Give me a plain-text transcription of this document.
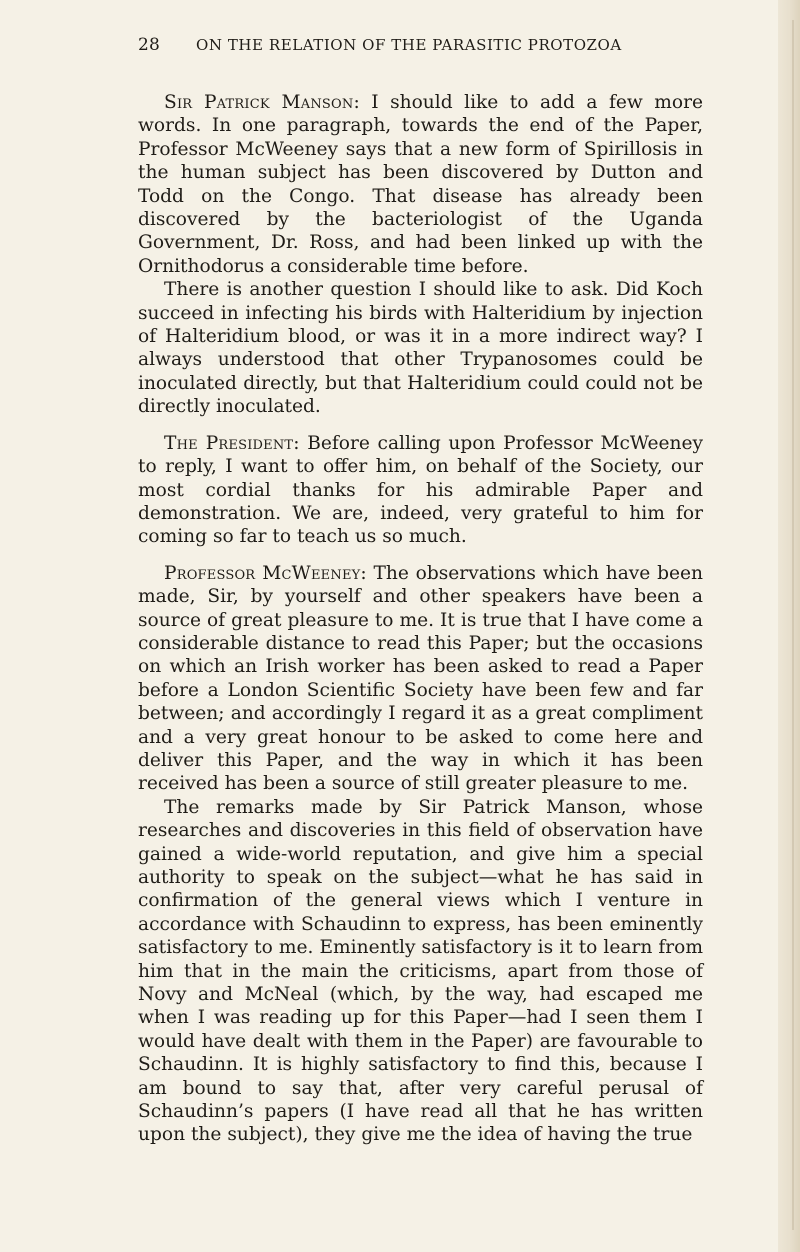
28 ON THE RELATION OF THE PARASITIC PROTOZOA

Sir Patrick Manson: I should like to add a few more words. In one paragraph, towards the end of the Paper, Professor McWeeney says that a new form of Spirillosis in the human subject has been discovered by Dutton and Todd on the Congo. That disease has already been discovered by the bacteriologist of the Uganda Government, Dr. Ross, and had been linked up with the Ornithodorus a considerable time before.

There is another question I should like to ask. Did Koch succeed in infecting his birds with Halteridium by injection of Halteridium blood, or was it in a more indirect way? I always understood that other Trypanosomes could be inoculated directly, but that Halteridium could could not be directly inoculated.

The President: Before calling upon Professor McWeeney to reply, I want to offer him, on behalf of the Society, our most cordial thanks for his admirable Paper and demonstration. We are, indeed, very grateful to him for coming so far to teach us so much.

Professor McWeeney: The observations which have been made, Sir, by yourself and other speakers have been a source of great pleasure to me. It is true that I have come a considerable distance to read this Paper; but the occasions on which an Irish worker has been asked to read a Paper before a London Scientific Society have been few and far between; and accordingly I regard it as a great compliment and a very great honour to be asked to come here and deliver this Paper, and the way in which it has been received has been a source of still greater pleasure to me.

The remarks made by Sir Patrick Manson, whose researches and discoveries in this field of observation have gained a wide-world reputation, and give him a special authority to speak on the subject—what he has said in confirmation of the general views which I venture in accordance with Schaudinn to express, has been eminently satisfactory to me. Eminently satisfactory is it to learn from him that in the main the criticisms, apart from those of Novy and McNeal (which, by the way, had escaped me when I was reading up for this Paper—had I seen them I would have dealt with them in the Paper) are favourable to Schaudinn. It is highly satisfactory to find this, because I am bound to say that, after very careful perusal of Schaudinn’s papers (I have read all that he has written upon the subject), they give me the idea of having the true
